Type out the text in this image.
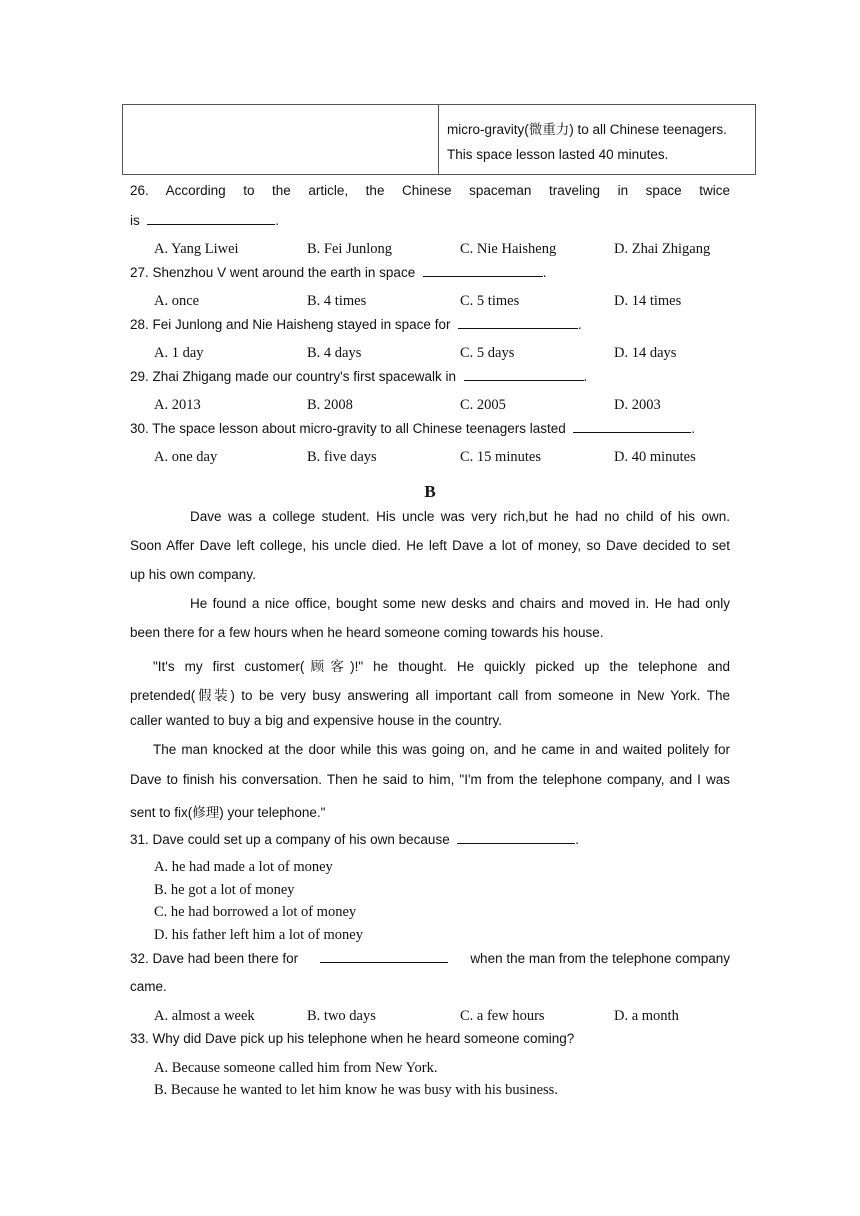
micro-gravity(微重力) to all Chinese teenagers.
This space lesson lasted 40 minutes.
26. According to the article, the Chinese spaceman traveling in space twice
is	.
A. Yang Liwei	B. Fei Junlong	C. Nie Haisheng	D. Zhai Zhigang
27. Shenzhou V went around the earth in space	.
A. once	B. 4 times	C. 5 times	D. 14 times
28. Fei Junlong and Nie Haisheng stayed in space for	.
A. 1 day	B. 4 days	C. 5 days	D. 14 days
29. Zhai Zhigang made our country's first spacewalk in	.
A. 2013	B. 2008	C. 2005	D. 2003
30. The space lesson about micro-gravity to all Chinese teenagers lasted	.
A. one day	B. five days	C. 15 minutes	D. 40 minutes
B
Dave was a college student. His uncle was very rich,but he had no child of his own.
Soon Affer Dave left college, his uncle died. He left Dave a lot of money, so Dave decided to set
up his own company.
He found a nice office, bought some new desks and chairs and moved in. He had only
been there for a few hours when he heard someone coming towards his house.
"It's my first customer(顾客)!" he thought. He quickly picked up the telephone and
pretended(假装) to be very busy answering all important call from someone in New York. The
caller wanted to buy a big and expensive house in the country.
The man knocked at the door while this was going on, and he came in and waited politely for
Dave to finish his conversation. Then he said to him, "I'm from the telephone company, and I was
sent to fix(修理) your telephone."
31. Dave could set up a company of his own because	.
A. he had made a lot of money
B. he got a lot of money
C. he had borrowed a lot of money
D. his father left him a lot of money
32. Dave had been there for	when the man from the telephone company
came.
A. almost a week	B. two days	C. a few hours	D. a month
33. Why did Dave pick up his telephone when he heard someone coming?
A. Because someone called him from New York.
B. Because he wanted to let him know he was busy with his business.
